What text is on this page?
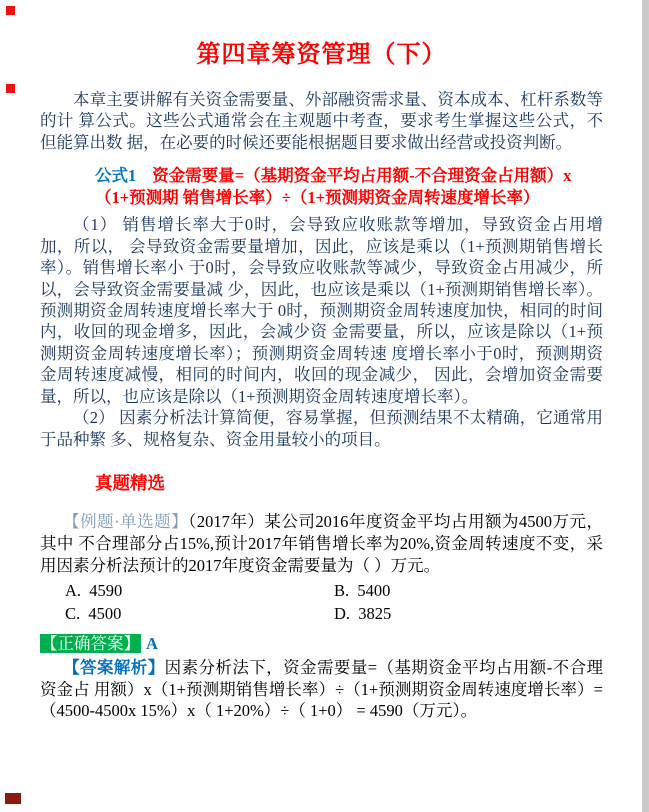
第四章筹资管理（下）

本章主要讲解有关资金需要量、外部融资需求量、资本成本、杠杆系数等的计 算公式。这些公式通常会在主观题中考查，要求考生掌握这些公式，不但能算出数 据，在必要的时候还要能根据题目要求做出经营或投资判断。

公式1 资金需要量=（基期资金平均占用额-不合理资金占用额）x（1+预测期 销售增长率）÷（1+预测期资金周转速度增长率）

（1） 销售增长率大于0时，会导致应收账款等增加，导致资金占用增加，所以， 会导致资金需要量增加，因此，应该是乘以（1+预测期销售增长率）。销售增长率小 于0时，会导致应收账款等减少，导致资金占用减少，所以，会导致资金需要量减 少，因此，也应该是乘以（1+预测期销售增长率）。预测期资金周转速度增长率大于 0时，预测期资金周转速度加快，相同的时间内，收回的现金增多，因此，会减少资 金需要量，所以，应该是除以（1+预测期资金周转速度增长率）；预测期资金周转速 度增长率小于0时，预测期资金周转速度减慢，相同的时间内，收回的现金减少， 因此，会增加资金需要量，所以，也应该是除以（1+预测期资金周转速度增长率）。

（2） 因素分析法计算简便，容易掌握，但预测结果不太精确，它通常用于品种繁 多、规格复杂、资金用量较小的项目。

真题精选

【例题·单选题】（2017年）某公司2016年度资金平均占用额为4500万元，其中 不合理部分占15%,预计2017年销售增长率为20%,资金周转速度不变，采用因素分析法预计的2017年度资金需要量为（ ）万元。

A. 4590	B. 5400
C. 4500	D. 3825
【正确答案】 A

【答案解析】因素分析法下，资金需要量=（基期资金平均占用额-不合理资金占 用额）x（1+预测期销售增长率）÷（1+预测期资金周转速度增长率）=（4500-4500x 15%）x（ 1+20%）÷（ 1+0） = 4590（万元）。
